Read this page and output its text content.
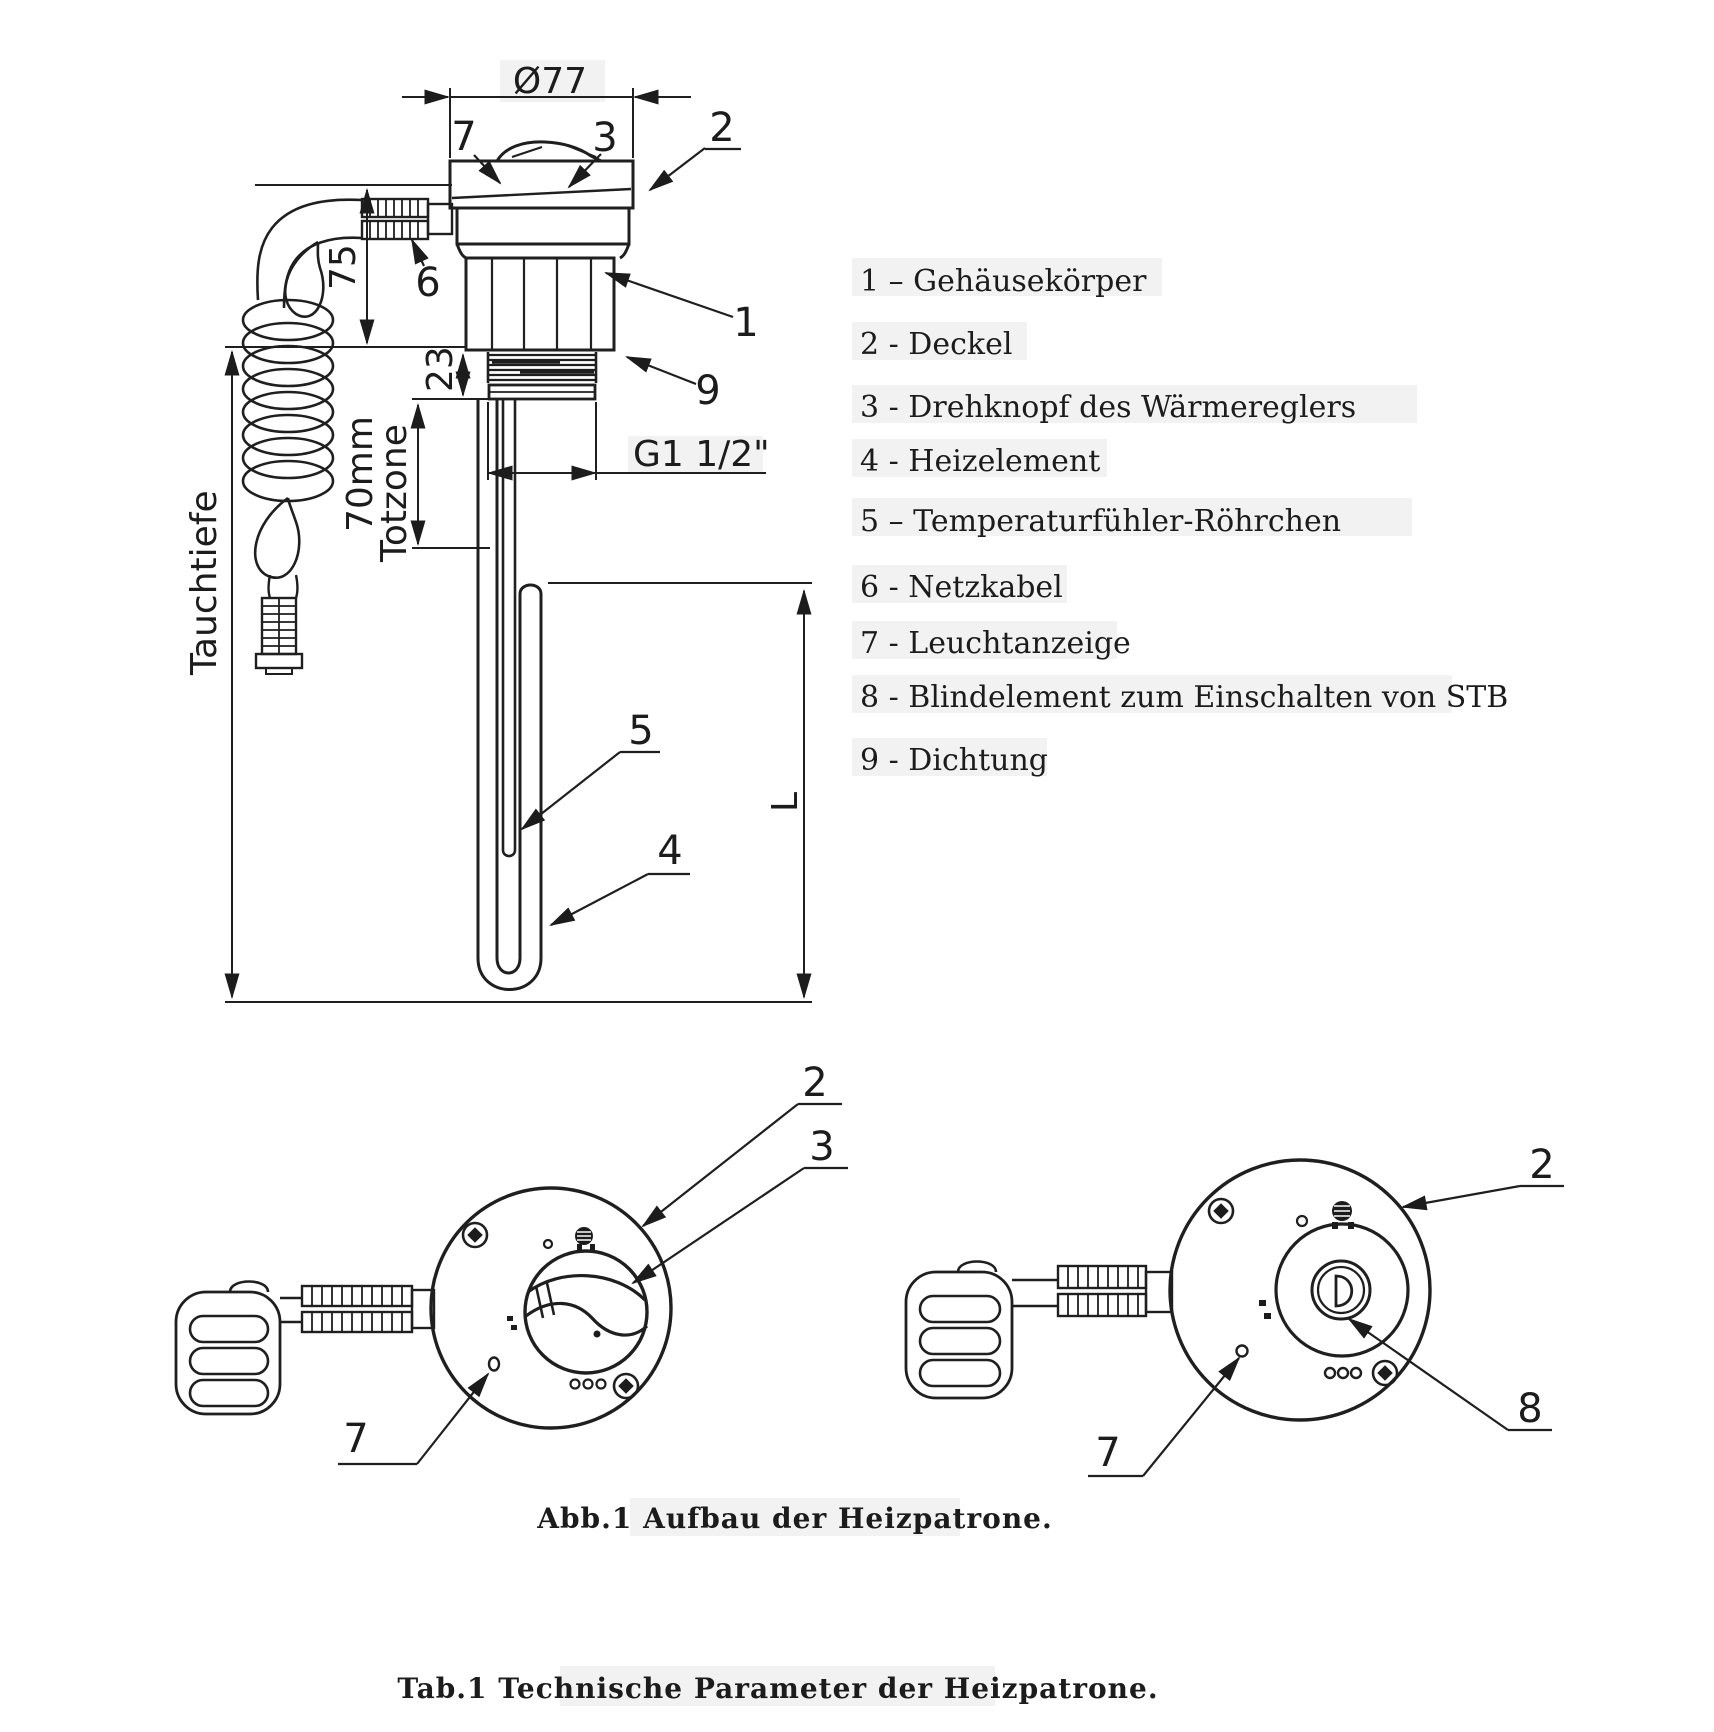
Ø77
75
Tauchtiefe
23
70mm
Totzone	G1 1/2"
L
7	3 2
6
1
9
5
4
1 – Gehäusekörper
2 - Deckel
3 - Drehknopf des Wärmereglers
4 - Heizelement
5 – Temperaturfühler-Röhrchen
6 - Netzkabel
7 - Leuchtanzeige
8 - Blindelement zum Einschalten von STB
9 - Dichtung
2
3
7
2
8
7
Abb.1 Aufbau der Heizpatrone.
Tab.1 Technische Parameter der Heizpatrone.
